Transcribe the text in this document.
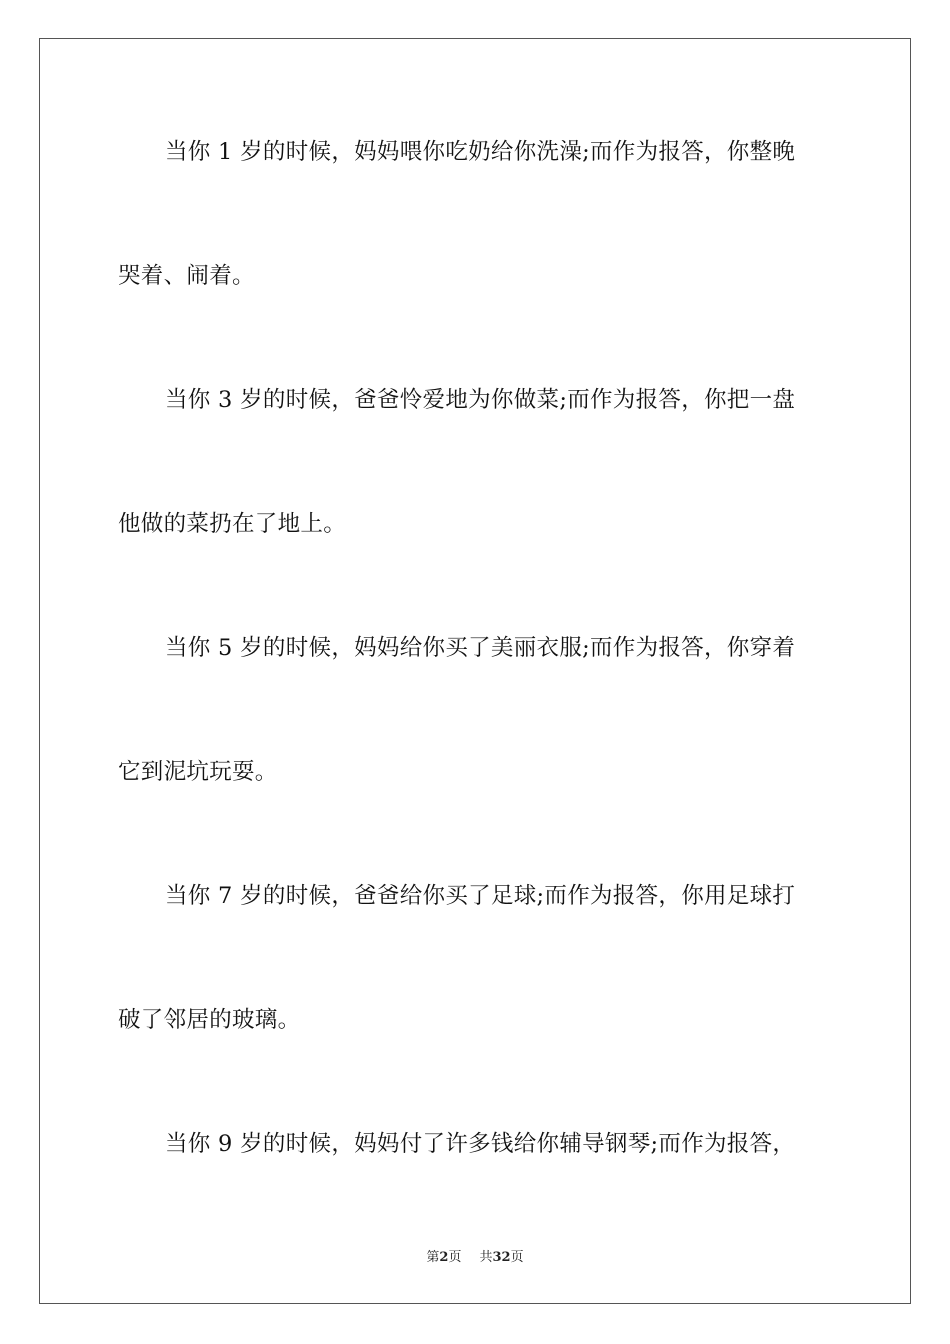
当你 1 岁的时候，妈妈喂你吃奶给你洗澡;而作为报答，你整晚

哭着、闹着。

当你 3 岁的时候，爸爸怜爱地为你做菜;而作为报答，你把一盘

他做的菜扔在了地上。

当你 5 岁的时候，妈妈给你买了美丽衣服;而作为报答，你穿着

它到泥坑玩耍。

当你 7 岁的时候，爸爸给你买了足球;而作为报答，你用足球打

破了邻居的玻璃。

当你 9 岁的时候，妈妈付了许多钱给你辅导钢琴;而作为报答，

第2页 共32页
